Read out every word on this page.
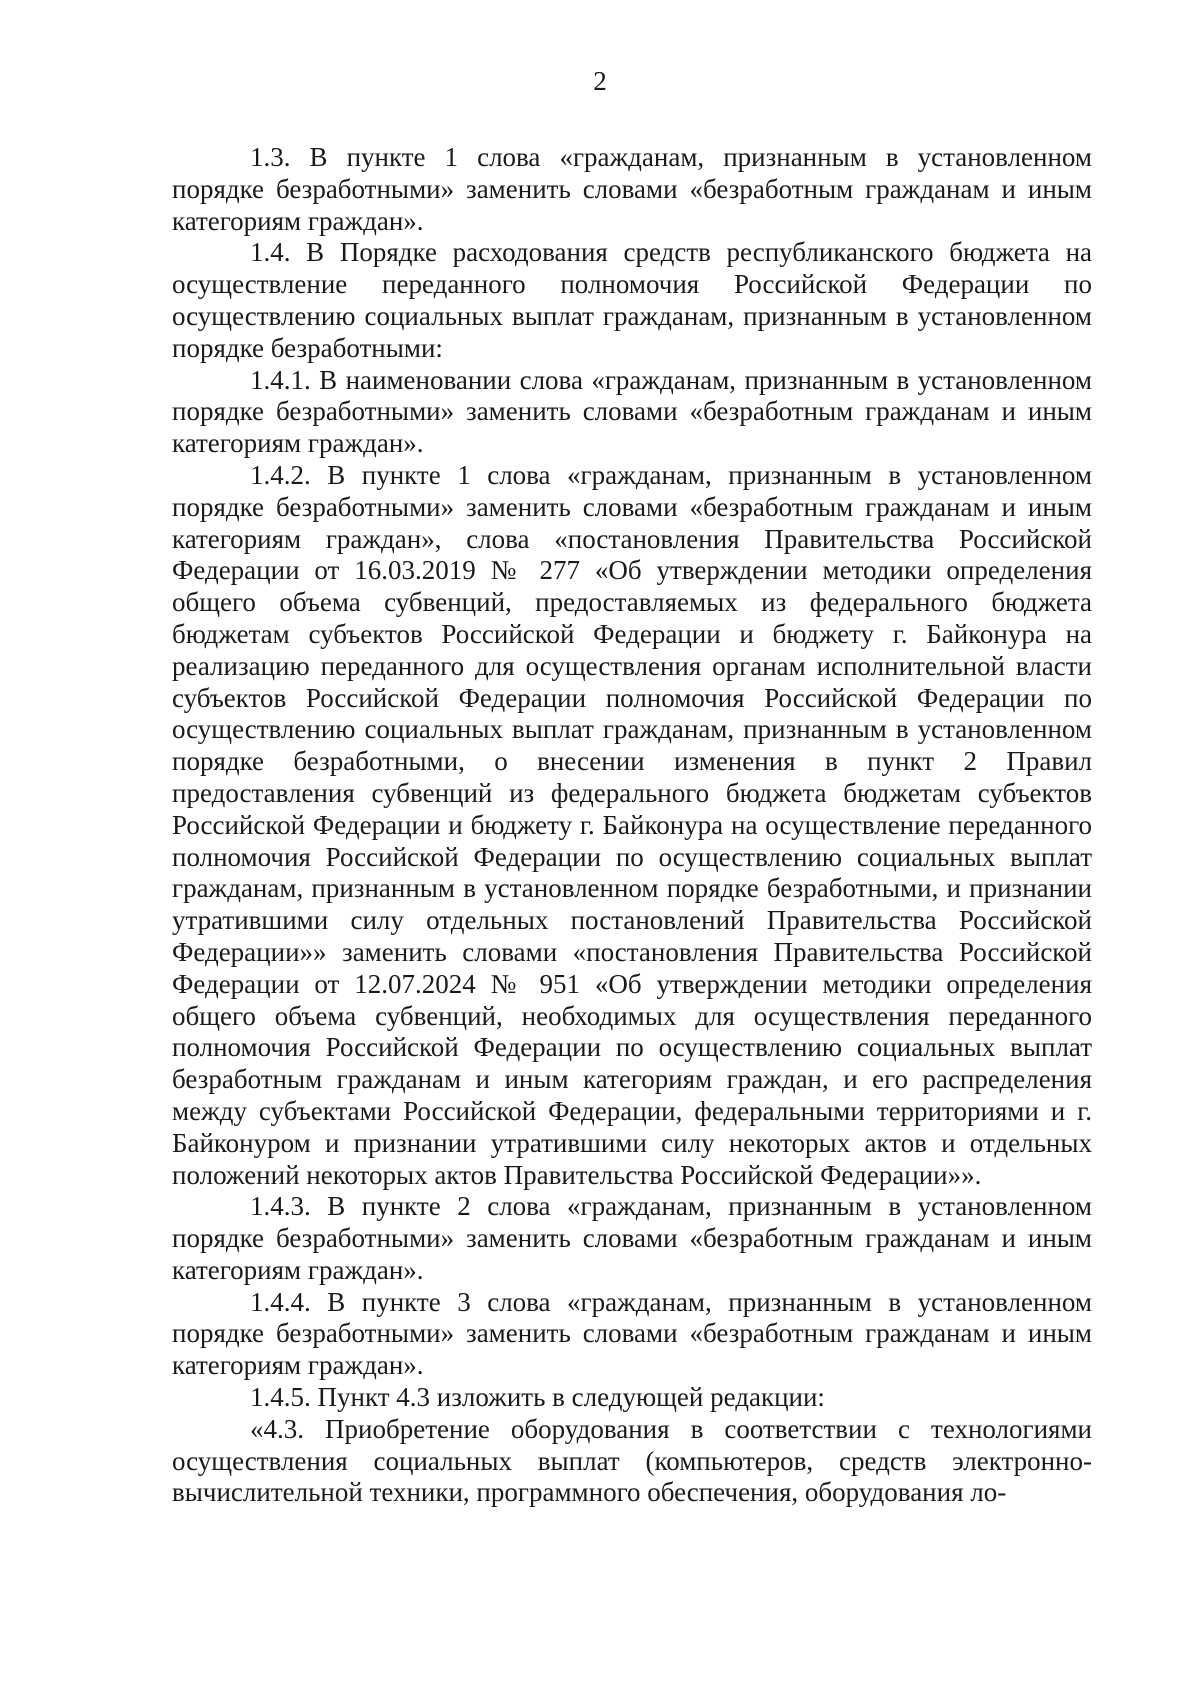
2

1.3. В пункте 1 слова «гражданам, признанным в установленном порядке безработными» заменить словами «безработным гражданам и иным категориям граждан».

1.4. В Порядке расходования средств республиканского бюджета на осуществление переданного полномочия Российской Федерации по осуществлению социальных выплат гражданам, признанным в установленном порядке безработными:

1.4.1. В наименовании слова «гражданам, признанным в установленном порядке безработными» заменить словами «безработным гражданам и иным категориям граждан».

1.4.2. В пункте 1 слова «гражданам, признанным в установленном порядке безработными» заменить словами «безработным гражданам и иным категориям граждан», слова «постановления Правительства Российской Федерации от 16.03.2019 № 277 «Об утверждении методики определения общего объема субвенций, предоставляемых из федерального бюджета бюджетам субъектов Российской Федерации и бюджету г. Байконура на реализацию переданного для осуществления органам исполнительной власти субъектов Российской Федерации полномочия Российской Федерации по осуществлению социальных выплат гражданам, признанным в установленном порядке безработными, о внесении изменения в пункт 2 Правил предоставления субвенций из федерального бюджета бюджетам субъектов Российской Федерации и бюджету г. Байконура на осуществление переданного полномочия Российской Федерации по осуществлению социальных выплат гражданам, признанным в установленном порядке безработными, и признании утратившими силу отдельных постановлений Правительства Российской Федерации»» заменить словами «постановления Правительства Российской Федерации от 12.07.2024 № 951 «Об утверждении методики определения общего объема субвенций, необходимых для осуществления переданного полномочия Российской Федерации по осуществлению социальных выплат безработным гражданам и иным категориям граждан, и его распределения между субъектами Российской Федерации, федеральными территориями и г. Байконуром и признании утратившими силу некоторых актов и отдельных положений некоторых актов Правительства Российской Федерации»».

1.4.3. В пункте 2 слова «гражданам, признанным в установленном порядке безработными» заменить словами «безработным гражданам и иным категориям граждан».

1.4.4. В пункте 3 слова «гражданам, признанным в установленном порядке безработными» заменить словами «безработным гражданам и иным категориям граждан».

1.4.5. Пункт 4.3 изложить в следующей редакции:

«4.3. Приобретение оборудования в соответствии с технологиями осуществления социальных выплат (компьютеров, средств электронно-вычислительной техники, программного обеспечения, оборудования ло-
